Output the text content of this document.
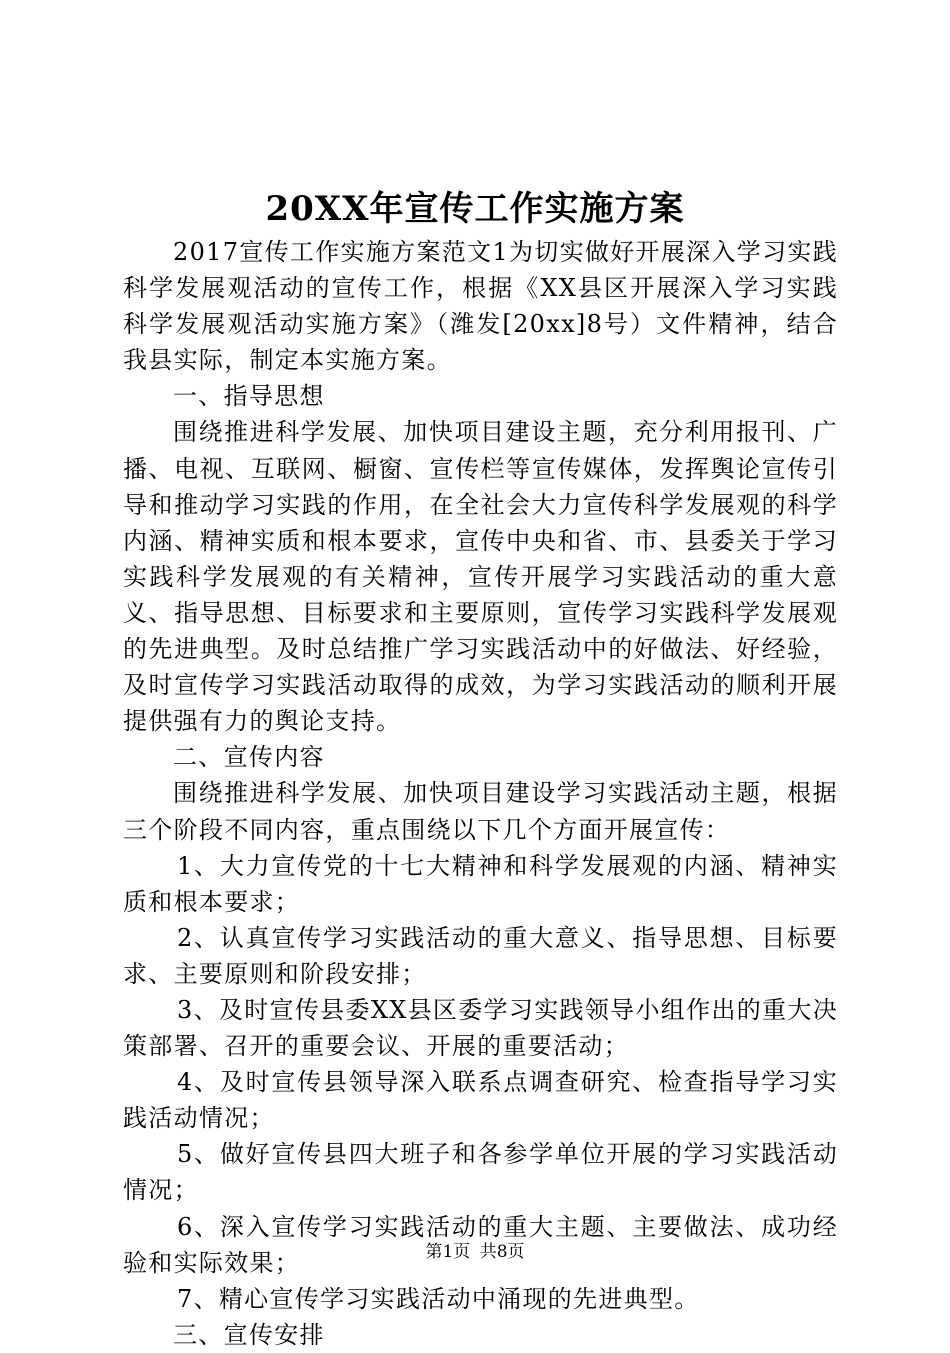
20XX年宣传工作实施方案

2017宣传工作实施方案范文1为切实做好开展深入学习实践科学发展观活动的宣传工作，根据《XX县区开展深入学习实践科学发展观活动实施方案》（潍发[20xx]8号）文件精神，结合我县实际，制定本实施方案。

一、指导思想

围绕推进科学发展、加快项目建设主题，充分利用报刊、广播、电视、互联网、橱窗、宣传栏等宣传媒体，发挥舆论宣传引导和推动学习实践的作用，在全社会大力宣传科学发展观的科学内涵、精神实质和根本要求，宣传中央和省、市、县委关于学习实践科学发展观的有关精神，宣传开展学习实践活动的重大意义、指导思想、目标要求和主要原则，宣传学习实践科学发展观的先进典型。及时总结推广学习实践活动中的好做法、好经验，及时宣传学习实践活动取得的成效，为学习实践活动的顺利开展提供强有力的舆论支持。

二、宣传内容

围绕推进科学发展、加快项目建设学习实践活动主题，根据三个阶段不同内容，重点围绕以下几个方面开展宣传：

1、大力宣传党的十七大精神和科学发展观的内涵、精神实质和根本要求；

2、认真宣传学习实践活动的重大意义、指导思想、目标要求、主要原则和阶段安排；

3、及时宣传县委XX县区委学习实践领导小组作出的重大决策部署、召开的重要会议、开展的重要活动；

4、及时宣传县领导深入联系点调查研究、检查指导学习实践活动情况；

5、做好宣传县四大班子和各参学单位开展的学习实践活动情况；

6、深入宣传学习实践活动的重大主题、主要做法、成功经验和实际效果；

7、精心宣传学习实践活动中涌现的先进典型。

三、宣传安排

第1页 共8页
